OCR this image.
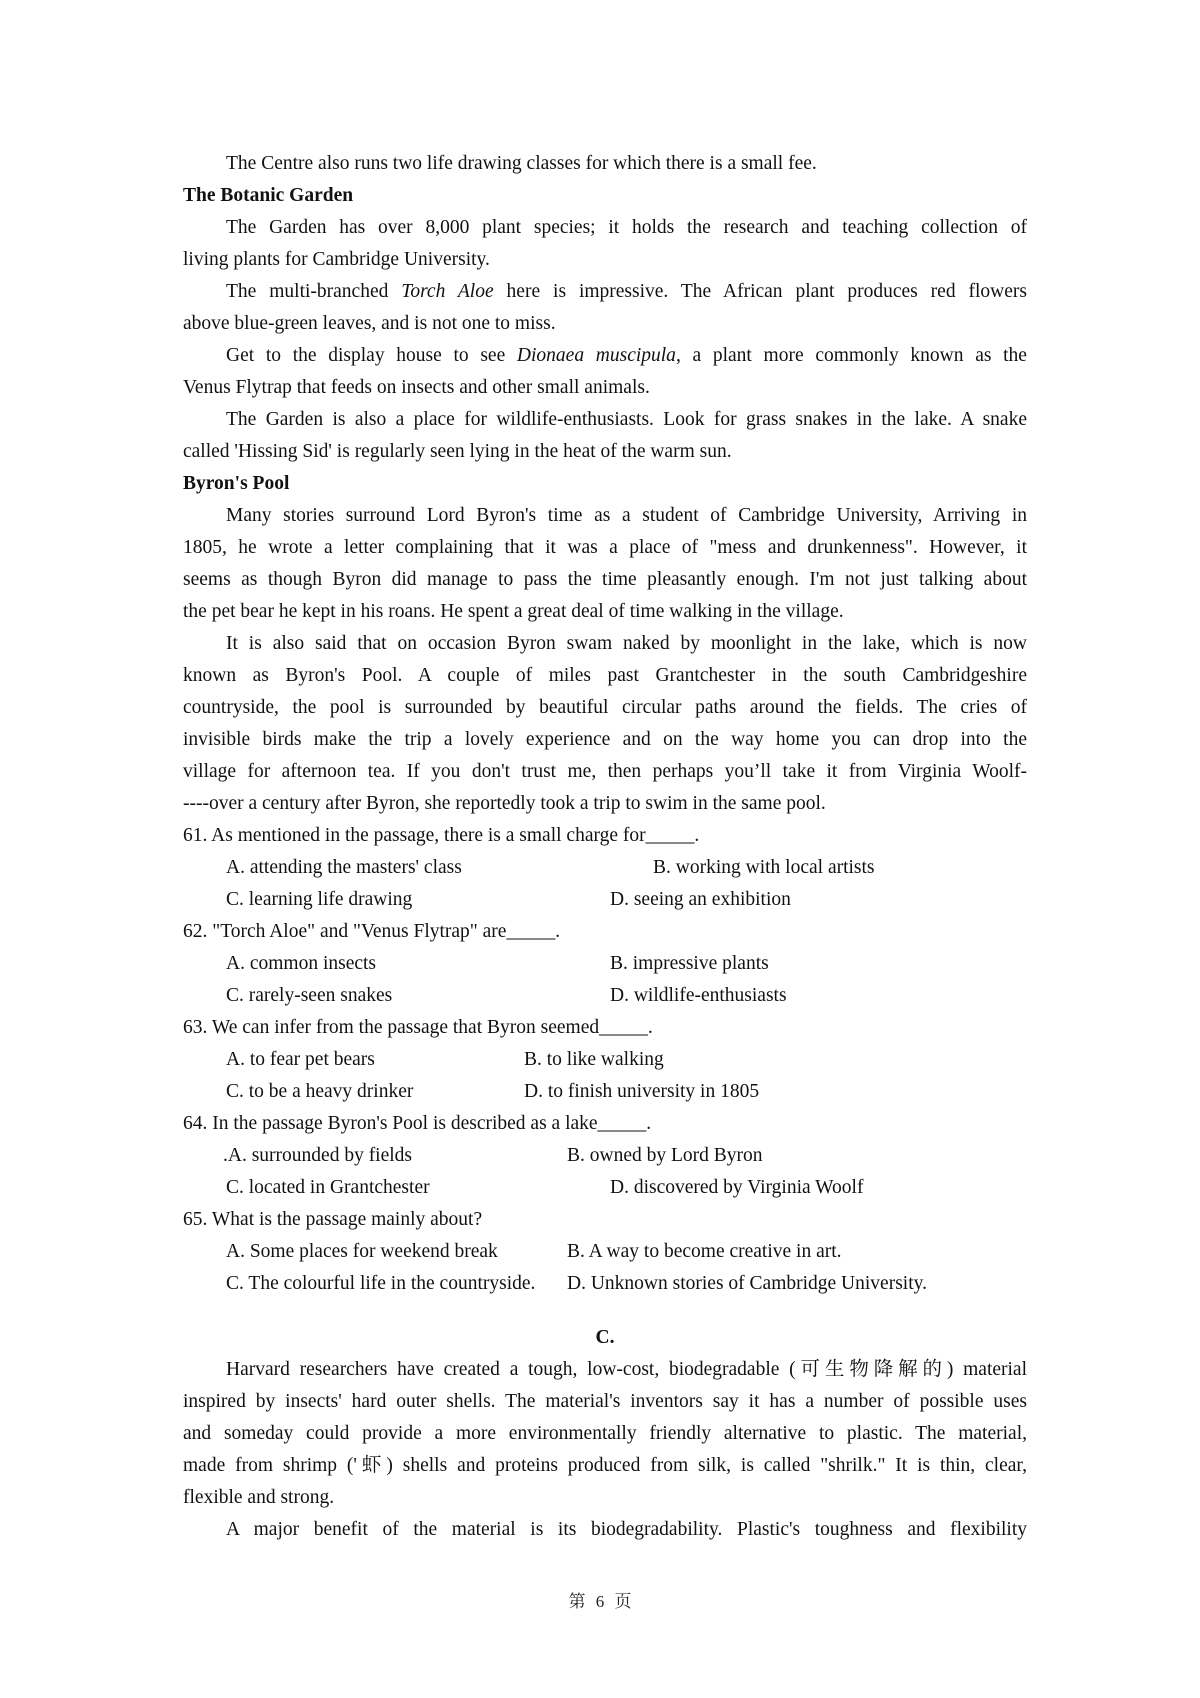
The Centre also runs two life drawing classes for which there is a small fee.
The Botanic Garden
The Garden has over 8,000 plant species; it holds the research and teaching collection of
living plants for Cambridge University.
The multi-branched Torch Aloe here is impressive. The African plant produces red flowers
above blue-green leaves, and is not one to miss.
Get to the display house to see Dionaea muscipula, a plant more commonly known as the
Venus Flytrap that feeds on insects and other small animals.
The Garden is also a place for wildlife-enthusiasts. Look for grass snakes in the lake. A snake
called 'Hissing Sid' is regularly seen lying in the heat of the warm sun.
Byron's Pool
Many stories surround Lord Byron's time as a student of Cambridge University, Arriving in
1805, he wrote a letter complaining that it was a place of "mess and drunkenness". However, it
seems as though Byron did manage to pass the time pleasantly enough. I'm not just talking about
the pet bear he kept in his roans. He spent a great deal of time walking in the village.
It is also said that on occasion Byron swam naked by moonlight in the lake, which is now
known as Byron's Pool. A couple of miles past Grantchester in the south Cambridgeshire
countryside, the pool is surrounded by beautiful circular paths around the fields. The cries of
invisible birds make the trip a lovely experience and on the way home you can drop into the
village for afternoon tea. If you don't trust me, then perhaps you’ll take it from Virginia Woolf-
----over a century after Byron, she reportedly took a trip to swim in the same pool.
61. As mentioned in the passage, there is a small charge for_____.
A. attending the masters' class	B. working with local artists
C. learning life drawing	D. seeing an exhibition
62. "Torch Aloe" and "Venus Flytrap" are_____.
A. common insects	B. impressive plants
C. rarely-seen snakes	D. wildlife-enthusiasts
63. We can infer from the passage that Byron seemed_____.
A. to fear pet bears	B. to like walking
C. to be a heavy drinker	D. to finish university in 1805
64. In the passage Byron's Pool is described as a lake_____.
.A. surrounded by fields	B. owned by Lord Byron
C. located in Grantchester	D. discovered by Virginia Woolf
65. What is the passage mainly about?
A. Some places for weekend break	B. A way to become creative in art.
C. The colourful life in the countryside. D. Unknown stories of Cambridge University.
C.
Harvard researchers have created a tough, low-cost, biodegradable (可生物降解的) material
inspired by insects' hard outer shells. The material's inventors say it has a number of possible uses
and someday could provide a more environmentally friendly alternative to plastic. The material,
made from shrimp ('虾) shells and proteins produced from silk, is called "shrilk." It is thin, clear,
flexible and strong.
A major benefit of the material is its biodegradability. Plastic's toughness and flexibility
第 6 页
